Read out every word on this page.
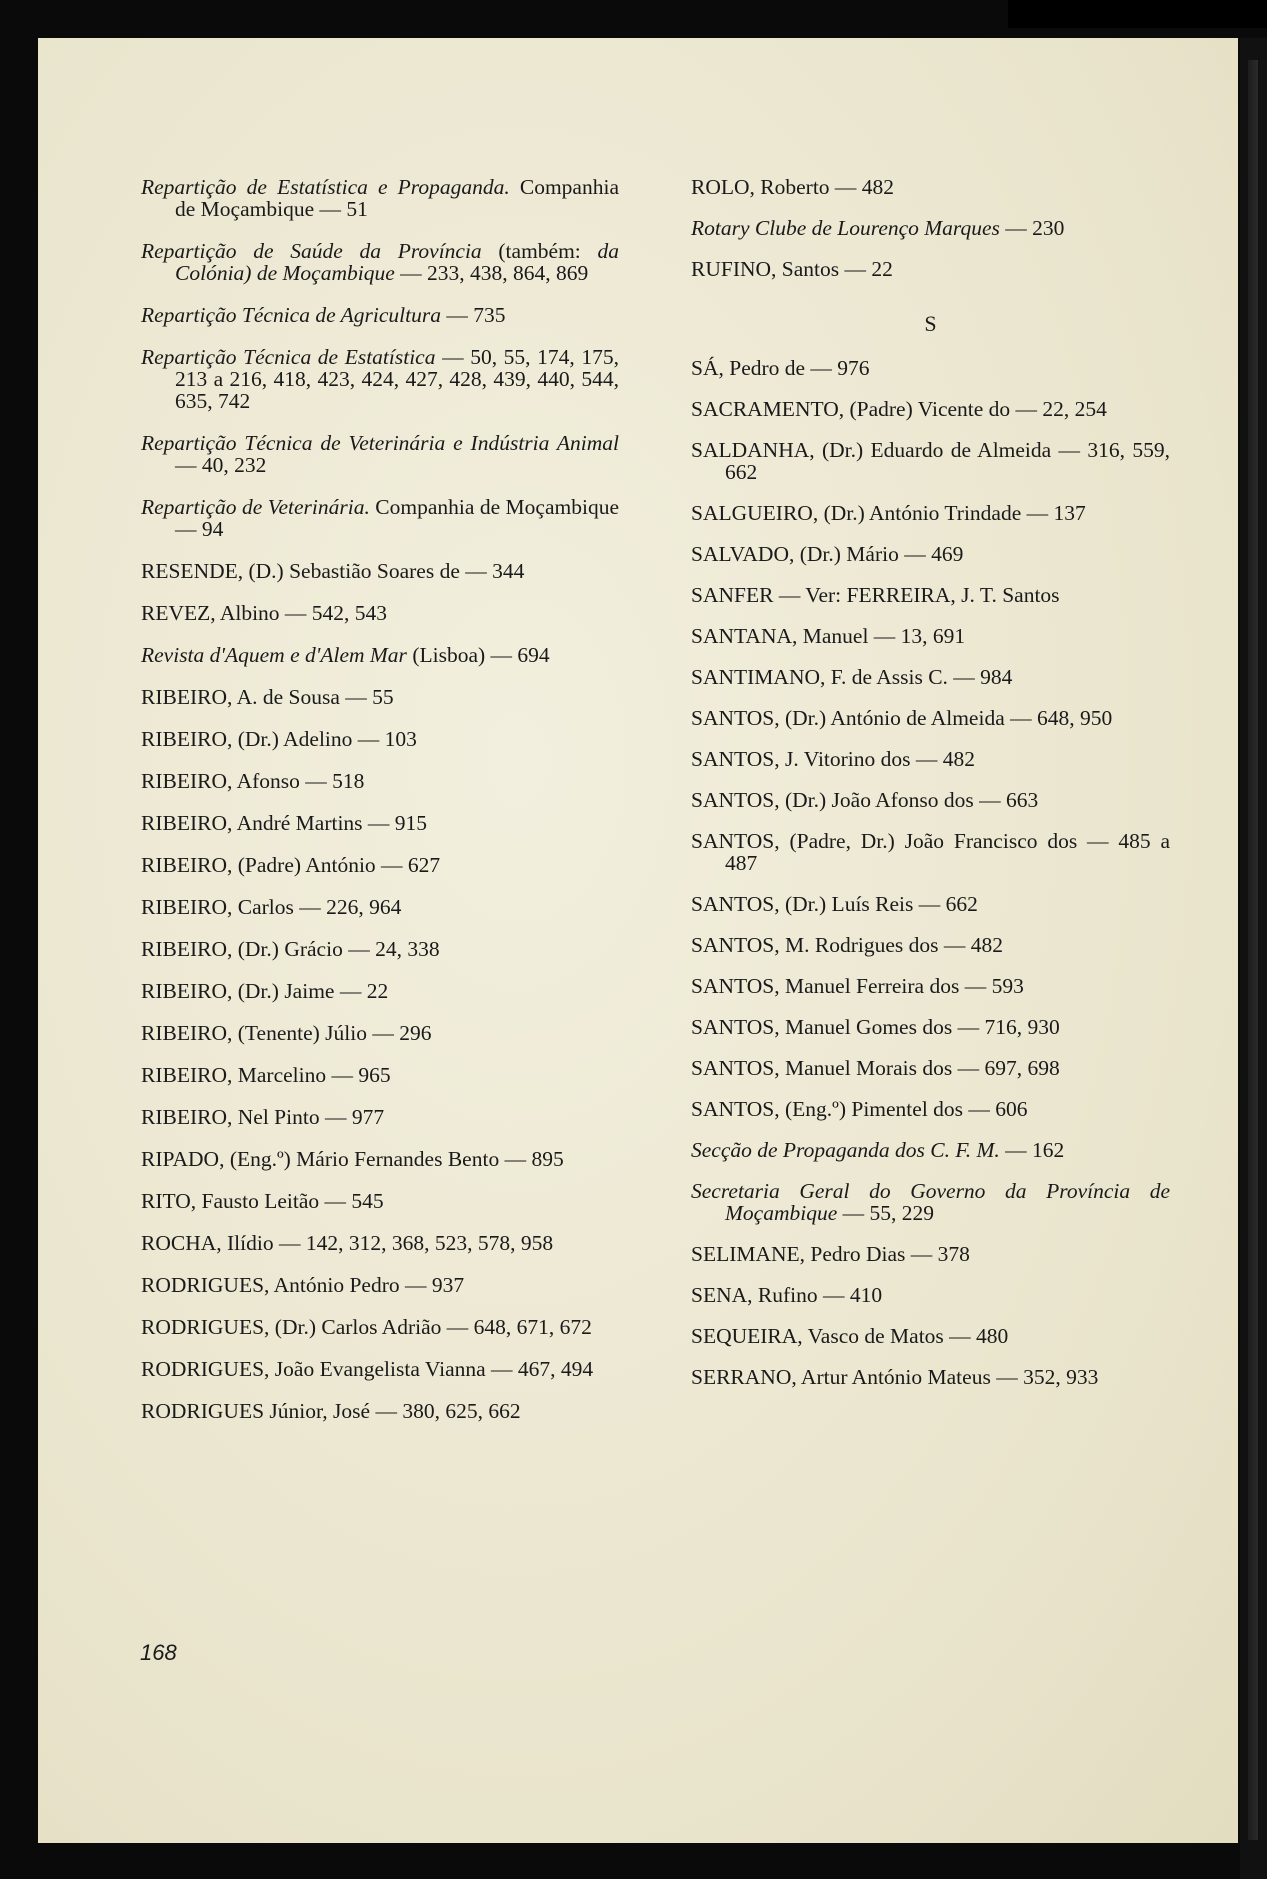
Repartição de Estatística e Propaganda. Companhia de Moçambique — 51

Repartição de Saúde da Província (também: da Colónia) de Moçambique — 233, 438, 864, 869

Repartição Técnica de Agricultura — 735

Repartição Técnica de Estatística — 50, 55, 174, 175, 213 a 216, 418, 423, 424, 427, 428, 439, 440, 544, 635, 742

Repartição Técnica de Veterinária e Indústria Animal — 40, 232

Repartição de Veterinária. Companhia de Moçambique — 94

RESENDE, (D.) Sebastião Soares de — 344

REVEZ, Albino — 542, 543

Revista d'Aquem e d'Alem Mar (Lisboa) — 694

RIBEIRO, A. de Sousa — 55

RIBEIRO, (Dr.) Adelino — 103

RIBEIRO, Afonso — 518

RIBEIRO, André Martins — 915

RIBEIRO, (Padre) António — 627

RIBEIRO, Carlos — 226, 964

RIBEIRO, (Dr.) Grácio — 24, 338

RIBEIRO, (Dr.) Jaime — 22

RIBEIRO, (Tenente) Júlio — 296

RIBEIRO, Marcelino — 965

RIBEIRO, Nel Pinto — 977

RIPADO, (Eng.º) Mário Fernandes Bento — 895

RITO, Fausto Leitão — 545

ROCHA, Ilídio — 142, 312, 368, 523, 578, 958

RODRIGUES, António Pedro — 937

RODRIGUES, (Dr.) Carlos Adrião — 648, 671, 672

RODRIGUES, João Evangelista Vianna — 467, 494

RODRIGUES Júnior, José — 380, 625, 662

ROLO, Roberto — 482

Rotary Clube de Lourenço Marques — 230

RUFINO, Santos — 22

S

SÁ, Pedro de — 976

SACRAMENTO, (Padre) Vicente do — 22, 254

SALDANHA, (Dr.) Eduardo de Almeida — 316, 559, 662

SALGUEIRO, (Dr.) António Trindade — 137

SALVADO, (Dr.) Mário — 469

SANFER — Ver: FERREIRA, J. T. Santos

SANTANA, Manuel — 13, 691

SANTIMANO, F. de Assis C. — 984

SANTOS, (Dr.) António de Almeida — 648, 950

SANTOS, J. Vitorino dos — 482

SANTOS, (Dr.) João Afonso dos — 663

SANTOS, (Padre, Dr.) João Francisco dos — 485 a 487

SANTOS, (Dr.) Luís Reis — 662

SANTOS, M. Rodrigues dos — 482

SANTOS, Manuel Ferreira dos — 593

SANTOS, Manuel Gomes dos — 716, 930

SANTOS, Manuel Morais dos — 697, 698

SANTOS, (Eng.º) Pimentel dos — 606

Secção de Propaganda dos C. F. M. — 162

Secretaria Geral do Governo da Província de Moçambique — 55, 229

SELIMANE, Pedro Dias — 378

SENA, Rufino — 410

SEQUEIRA, Vasco de Matos — 480

SERRANO, Artur António Mateus — 352, 933

168
